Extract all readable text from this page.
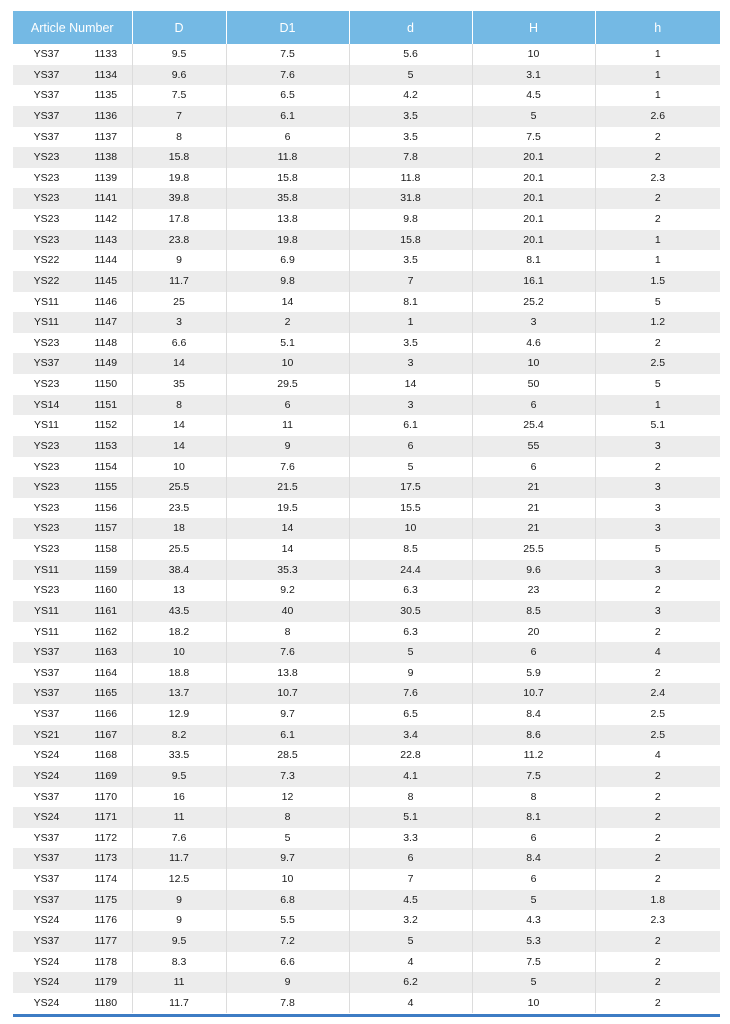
Article Number		D	D1	d	H	h
YS37	1133	9.5	7.5	5.6	10	1
YS37	1134	9.6	7.6	5	3.1	1
YS37	1135	7.5	6.5	4.2	4.5	1
YS37	1136	7	6.1	3.5	5	2.6
YS37	1137	8	6	3.5	7.5	2
YS23	1138	15.8	11.8	7.8	20.1	2
YS23	1139	19.8	15.8	11.8	20.1	2.3
YS23	1141	39.8	35.8	31.8	20.1	2
YS23	1142	17.8	13.8	9.8	20.1	2
YS23	1143	23.8	19.8	15.8	20.1	1
YS22	1144	9	6.9	3.5	8.1	1
YS22	1145	11.7	9.8	7	16.1	1.5
YS11	1146	25	14	8.1	25.2	5
YS11	1147	3	2	1	3	1.2
YS23	1148	6.6	5.1	3.5	4.6	2
YS37	1149	14	10	3	10	2.5
YS23	1150	35	29.5	14	50	5
YS14	1151	8	6	3	6	1
YS11	1152	14	11	6.1	25.4	5.1
YS23	1153	14	9	6	55	3
YS23	1154	10	7.6	5	6	2
YS23	1155	25.5	21.5	17.5	21	3
YS23	1156	23.5	19.5	15.5	21	3
YS23	1157	18	14	10	21	3
YS23	1158	25.5	14	8.5	25.5	5
YS11	1159	38.4	35.3	24.4	9.6	3
YS23	1160	13	9.2	6.3	23	2
YS11	1161	43.5	40	30.5	8.5	3
YS11	1162	18.2	8	6.3	20	2
YS37	1163	10	7.6	5	6	4
YS37	1164	18.8	13.8	9	5.9	2
YS37	1165	13.7	10.7	7.6	10.7	2.4
YS37	1166	12.9	9.7	6.5	8.4	2.5
YS21	1167	8.2	6.1	3.4	8.6	2.5
YS24	1168	33.5	28.5	22.8	11.2	4
YS24	1169	9.5	7.3	4.1	7.5	2
YS37	1170	16	12	8	8	2
YS24	1171	11	8	5.1	8.1	2
YS37	1172	7.6	5	3.3	6	2
YS37	1173	11.7	9.7	6	8.4	2
YS37	1174	12.5	10	7	6	2
YS37	1175	9	6.8	4.5	5	1.8
YS24	1176	9	5.5	3.2	4.3	2.3
YS37	1177	9.5	7.2	5	5.3	2
YS24	1178	8.3	6.6	4	7.5	2
YS24	1179	11	9	6.2	5	2
YS24	1180	11.7	7.8	4	10	2
